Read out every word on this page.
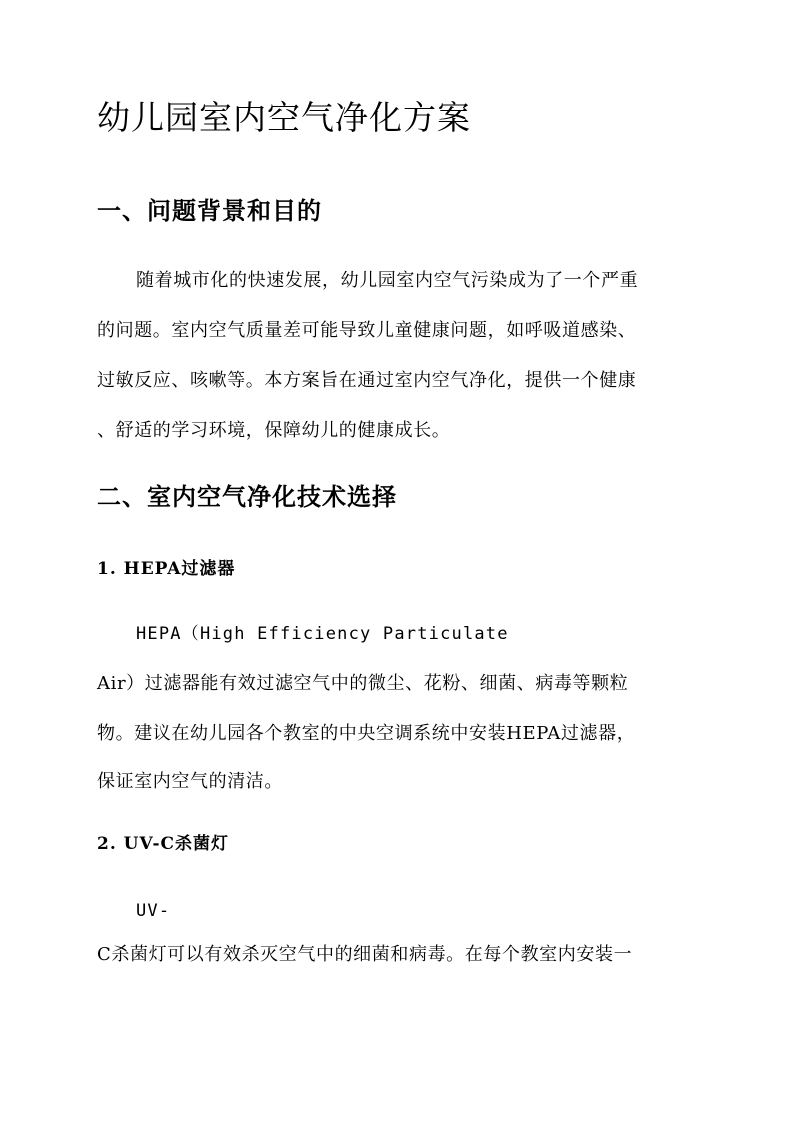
幼儿园室内空气净化方案
一、问题背景和目的

随着城市化的快速发展，幼儿园室内空气污染成为了一个严重

的问题。室内空气质量差可能导致儿童健康问题，如呼吸道感染、

过敏反应、咳嗽等。本方案旨在通过室内空气净化，提供一个健康

、舒适的学习环境，保障幼儿的健康成长。

二、室内空气净化技术选择
1. HEPA过滤器

HEPA（High Efficiency Particulate

Air）过滤器能有效过滤空气中的微尘、花粉、细菌、病毒等颗粒

物。建议在幼儿园各个教室的中央空调系统中安装HEPA过滤器，

保证室内空气的清洁。

2. UV-C杀菌灯

UV-

C杀菌灯可以有效杀灭空气中的细菌和病毒。在每个教室内安装一
